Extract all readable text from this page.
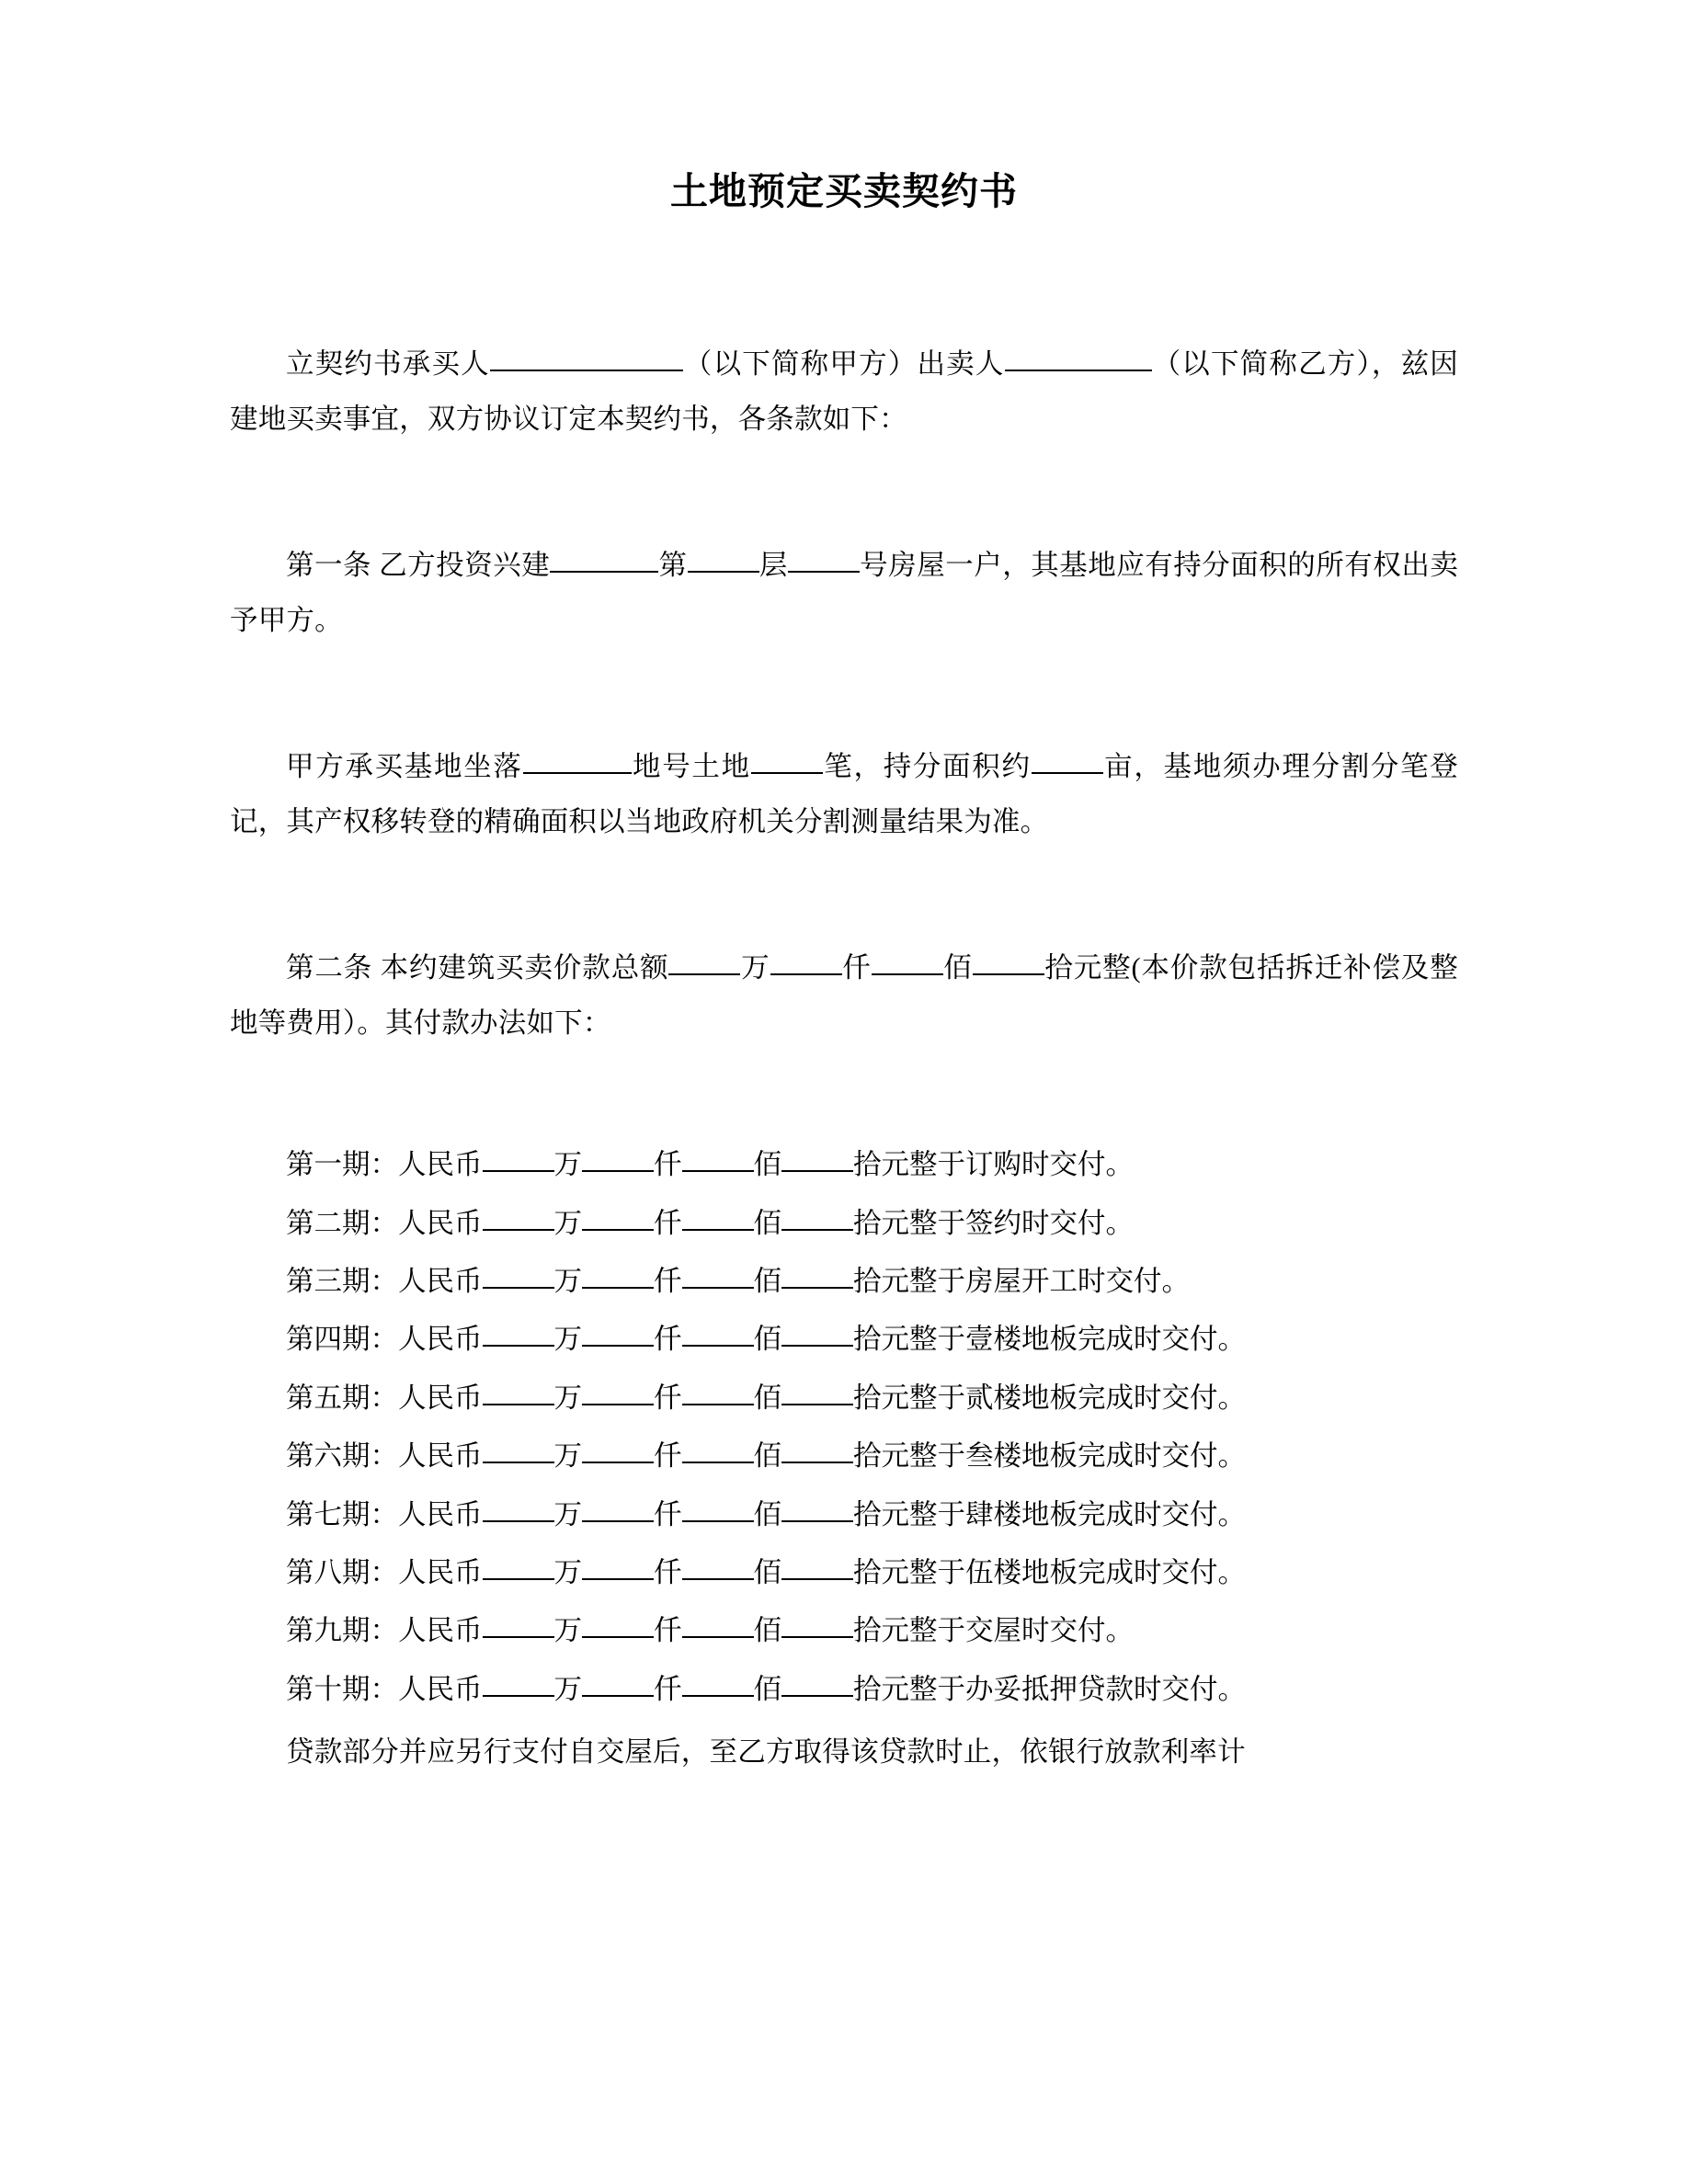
土地预定买卖契约书

立契约书承买人	（以下简称甲方）出卖人	（以下简称乙方），兹因建地买卖事宜，双方协议订定本契约书，各条款如下：

第一条 乙方投资兴建	第	层	号房屋一户，其基地应有持分面积的所有权出卖予甲方。

甲方承买基地坐落	地号土地	笔，持分面积约	亩，基地须办理分割分笔登记，其产权移转登的精确面积以当地政府机关分割测量结果为准。

第二条 本约建筑买卖价款总额	万	仟	佰	拾元整(本价款包括拆迁补偿及整地等费用）。其付款办法如下：

第一期：人民币	万	仟	佰	拾元整于订购时交付。
第二期：人民币	万	仟	佰	拾元整于签约时交付。
第三期：人民币	万	仟	佰	拾元整于房屋开工时交付。
第四期：人民币	万	仟	佰	拾元整于壹楼地板完成时交付。
第五期：人民币	万	仟	佰	拾元整于贰楼地板完成时交付。
第六期：人民币	万	仟	佰	拾元整于叁楼地板完成时交付。
第七期：人民币	万	仟	佰	拾元整于肆楼地板完成时交付。
第八期：人民币	万	仟	佰	拾元整于伍楼地板完成时交付。
第九期：人民币	万	仟	佰	拾元整于交屋时交付。
第十期：人民币	万	仟	佰	拾元整于办妥抵押贷款时交付。

贷款部分并应另行支付自交屋后，至乙方取得该贷款时止，依银行放款利率计
